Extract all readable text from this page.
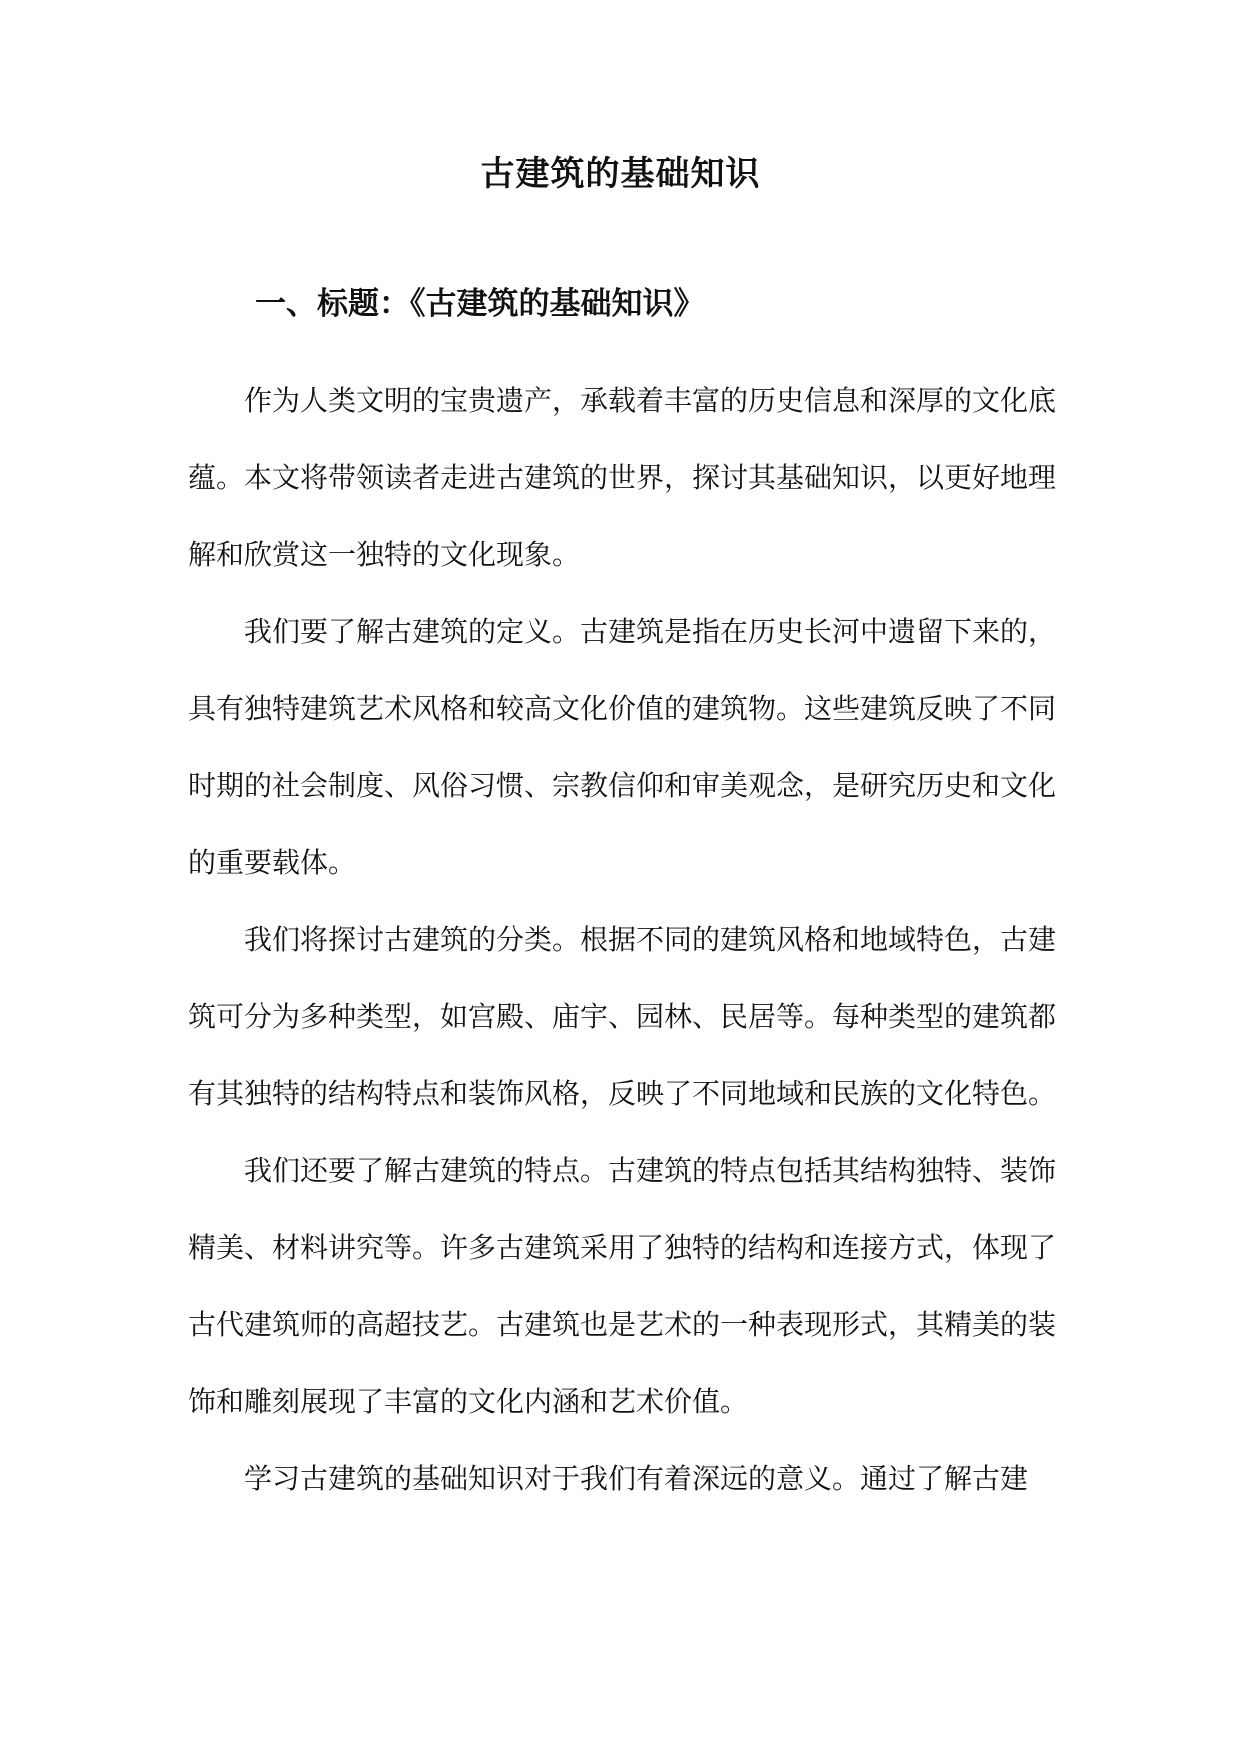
古建筑的基础知识
一、标题：《古建筑的基础知识》

作为人类文明的宝贵遗产，承载着丰富的历史信息和深厚的文化底蕴。本文将带领读者走进古建筑的世界，探讨其基础知识，以更好地理解和欣赏这一独特的文化现象。

我们要了解古建筑的定义。古建筑是指在历史长河中遗留下来的，具有独特建筑艺术风格和较高文化价值的建筑物。这些建筑反映了不同时期的社会制度、风俗习惯、宗教信仰和审美观念，是研究历史和文化的重要载体。

我们将探讨古建筑的分类。根据不同的建筑风格和地域特色，古建筑可分为多种类型，如宫殿、庙宇、园林、民居等。每种类型的建筑都有其独特的结构特点和装饰风格，反映了不同地域和民族的文化特色。

我们还要了解古建筑的特点。古建筑的特点包括其结构独特、装饰精美、材料讲究等。许多古建筑采用了独特的结构和连接方式，体现了古代建筑师的高超技艺。古建筑也是艺术的一种表现形式，其精美的装饰和雕刻展现了丰富的文化内涵和艺术价值。

学习古建筑的基础知识对于我们有着深远的意义。通过了解古建
